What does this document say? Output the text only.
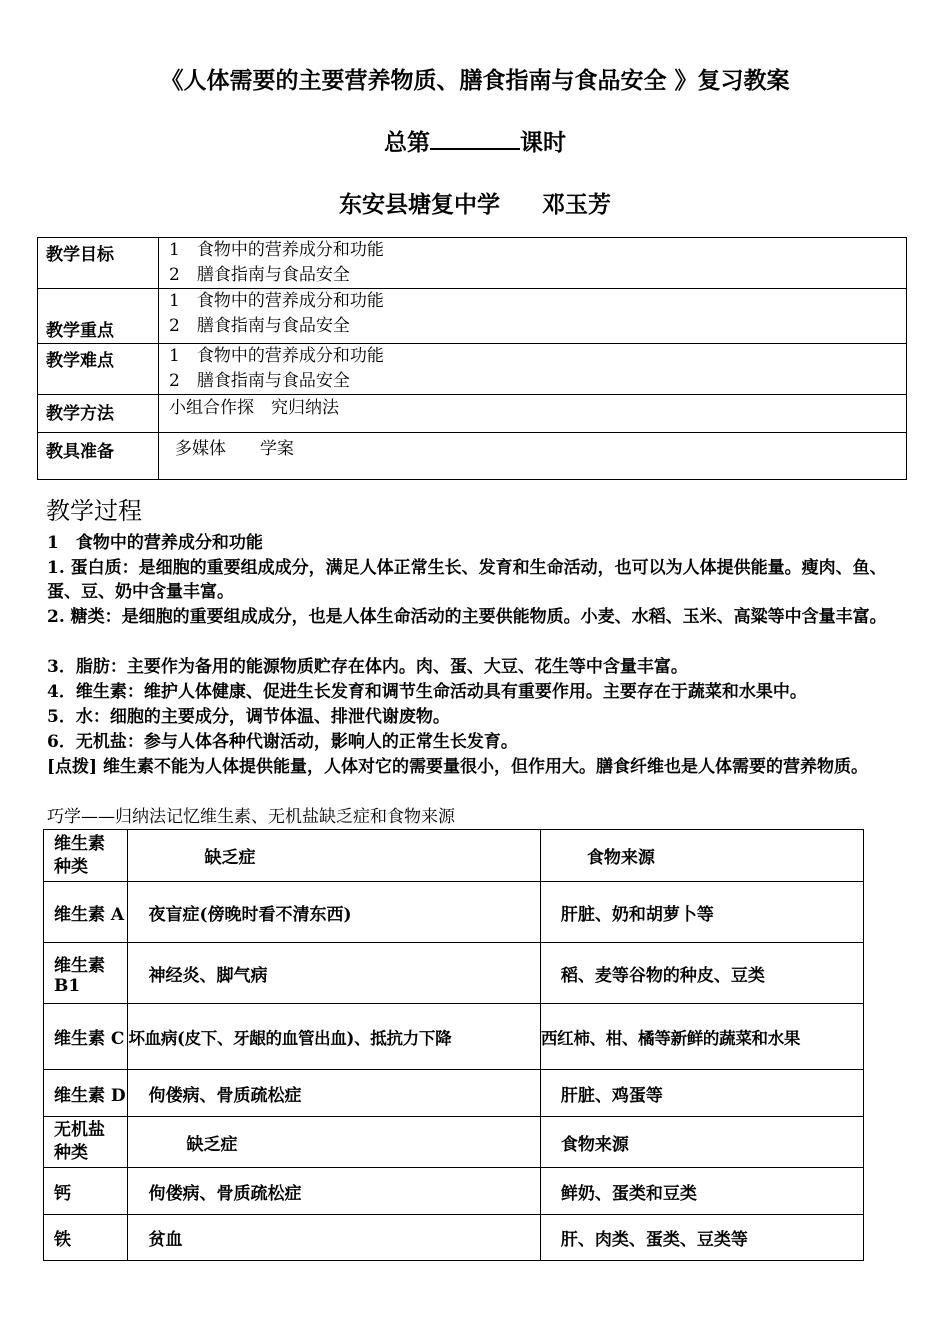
《人体需要的主要营养物质、膳食指南与食品安全 》复习教案
总第	课时
东安县塘复中学 邓玉芳
教学目标	1　食物中的营养成分和功能
2　膳食指南与食品安全

教学重点	1　食物中的营养成分和功能
2　膳食指南与食品安全

教学难点	1　食物中的营养成分和功能
2　膳食指南与食品安全

教学方法	小组合作探　究归纳法
教具准备	多媒体　　学案
教学过程
1　食物中的营养成分和功能
1. 蛋白质：是细胞的重要组成成分，满足人体正常生长、发育和生命活动，也可以为人体提供能量。瘦肉、鱼、蛋、豆、奶中含量丰富。
2. 糖类：是细胞的重要组成成分，也是人体生命活动的主要供能物质。小麦、水稻、玉米、高粱等中含量丰富。
3．脂肪：主要作为备用的能源物质贮存在体内。肉、蛋、大豆、花生等中含量丰富。
4．维生素：维护人体健康、促进生长发育和调节生命活动具有重要作用。主要存在于蔬菜和水果中。
5．水：细胞的主要成分，调节体温、排泄代谢废物。
6．无机盐：参与人体各种代谢活动，影响人的正常生长发育。
[点拨] 维生素不能为人体提供能量，人体对它的需要量很小，但作用大。膳食纤维也是人体需要的营养物质。
巧学——归纳法记忆维生素、无机盐缺乏症和食物来源
维生素
种类	缺乏症	食物来源
维生素 A	夜盲症(傍晚时看不清东西)	肝脏、奶和胡萝卜等
维生素 B1	神经炎、脚气病	稻、麦等谷物的种皮、豆类
维生素 C	坏血病(皮下、牙龈的血管出血)、抵抗力下降	西红柿、柑、橘等新鲜的蔬菜和水果
维生素 D	佝偻病、骨质疏松症	肝脏、鸡蛋等

无机盐
种类	缺乏症	食物来源
钙	佝偻病、骨质疏松症	鲜奶、蛋类和豆类
铁	贫血	肝、肉类、蛋类、豆类等
